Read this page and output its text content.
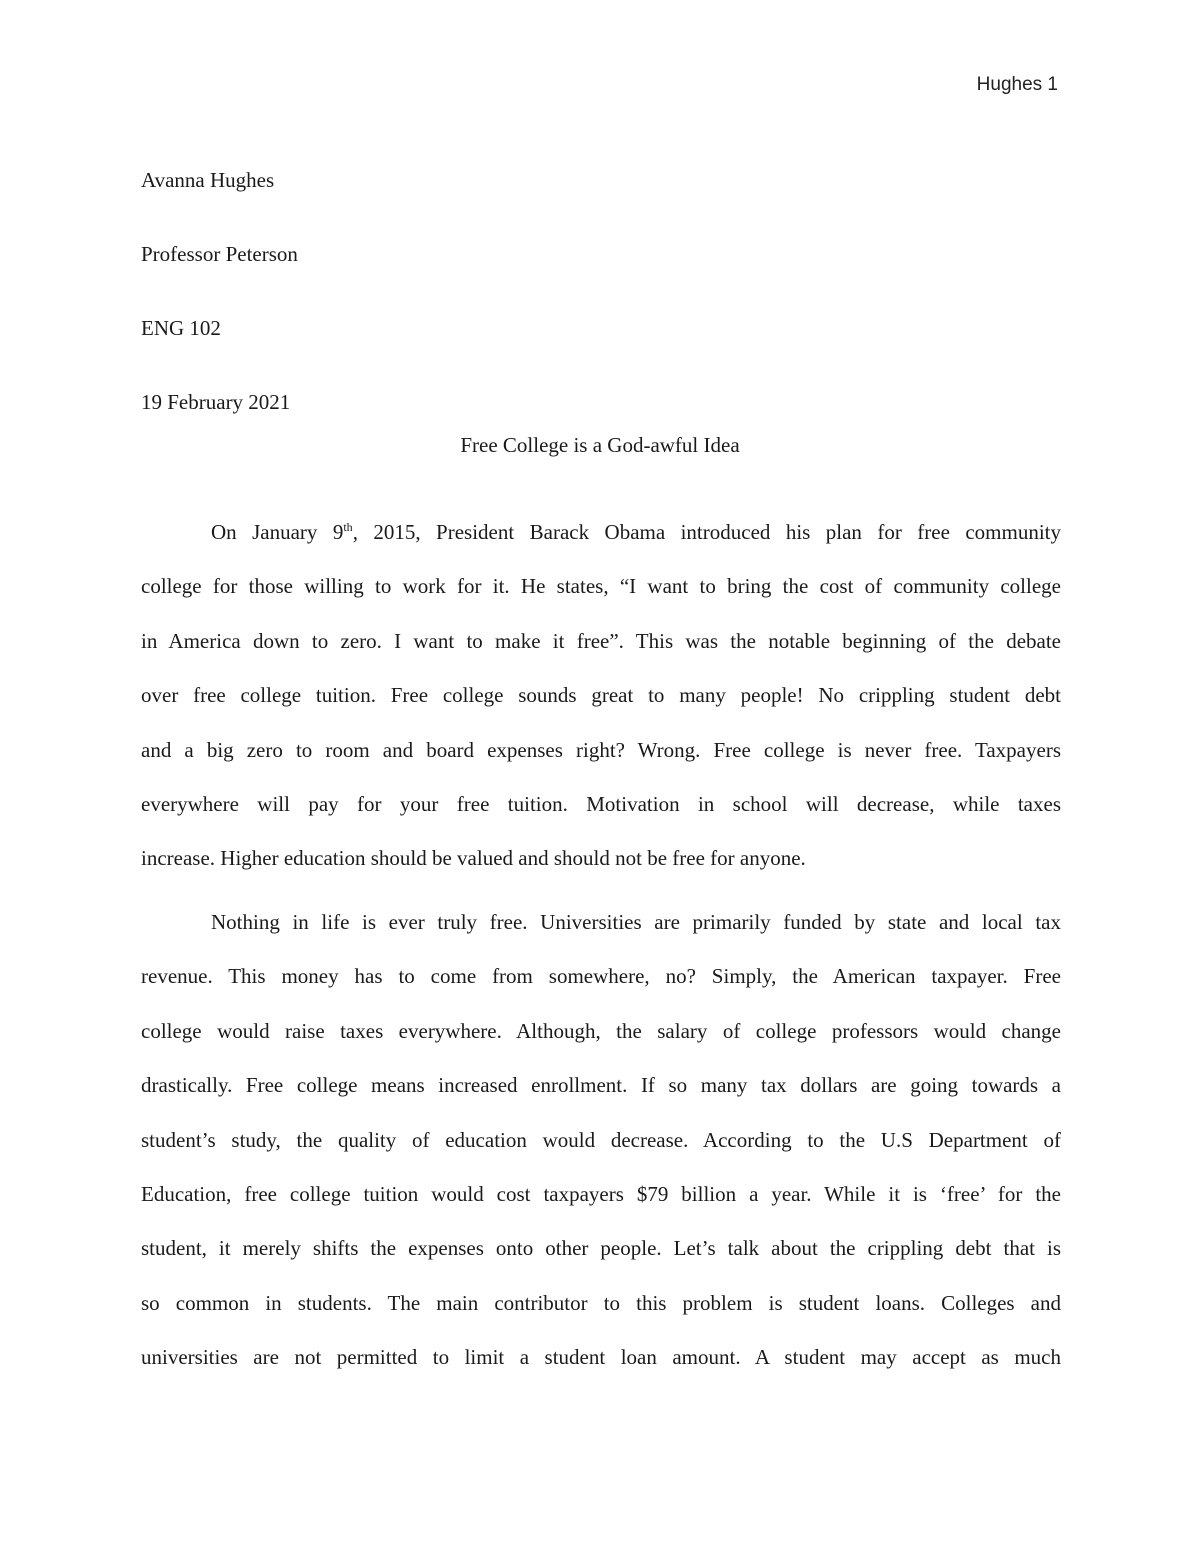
Hughes 1
Avanna Hughes
Professor Peterson
ENG 102
19 February 2021
Free College is a God-awful Idea
On January 9th, 2015, President Barack Obama introduced his plan for free community
college for those willing to work for it. He states, “I want to bring the cost of community college
in America down to zero. I want to make it free”. This was the notable beginning of the debate
over free college tuition. Free college sounds great to many people! No crippling student debt
and a big zero to room and board expenses right? Wrong. Free college is never free. Taxpayers
everywhere will pay for your free tuition. Motivation in school will decrease, while taxes
increase. Higher education should be valued and should not be free for anyone.
Nothing in life is ever truly free. Universities are primarily funded by state and local tax
revenue. This money has to come from somewhere, no? Simply, the American taxpayer. Free
college would raise taxes everywhere. Although, the salary of college professors would change
drastically. Free college means increased enrollment. If so many tax dollars are going towards a
student’s study, the quality of education would decrease. According to the U.S Department of
Education, free college tuition would cost taxpayers $79 billion a year. While it is ‘free’ for the
student, it merely shifts the expenses onto other people. Let’s talk about the crippling debt that is
so common in students. The main contributor to this problem is student loans. Colleges and
universities are not permitted to limit a student loan amount. A student may accept as much
